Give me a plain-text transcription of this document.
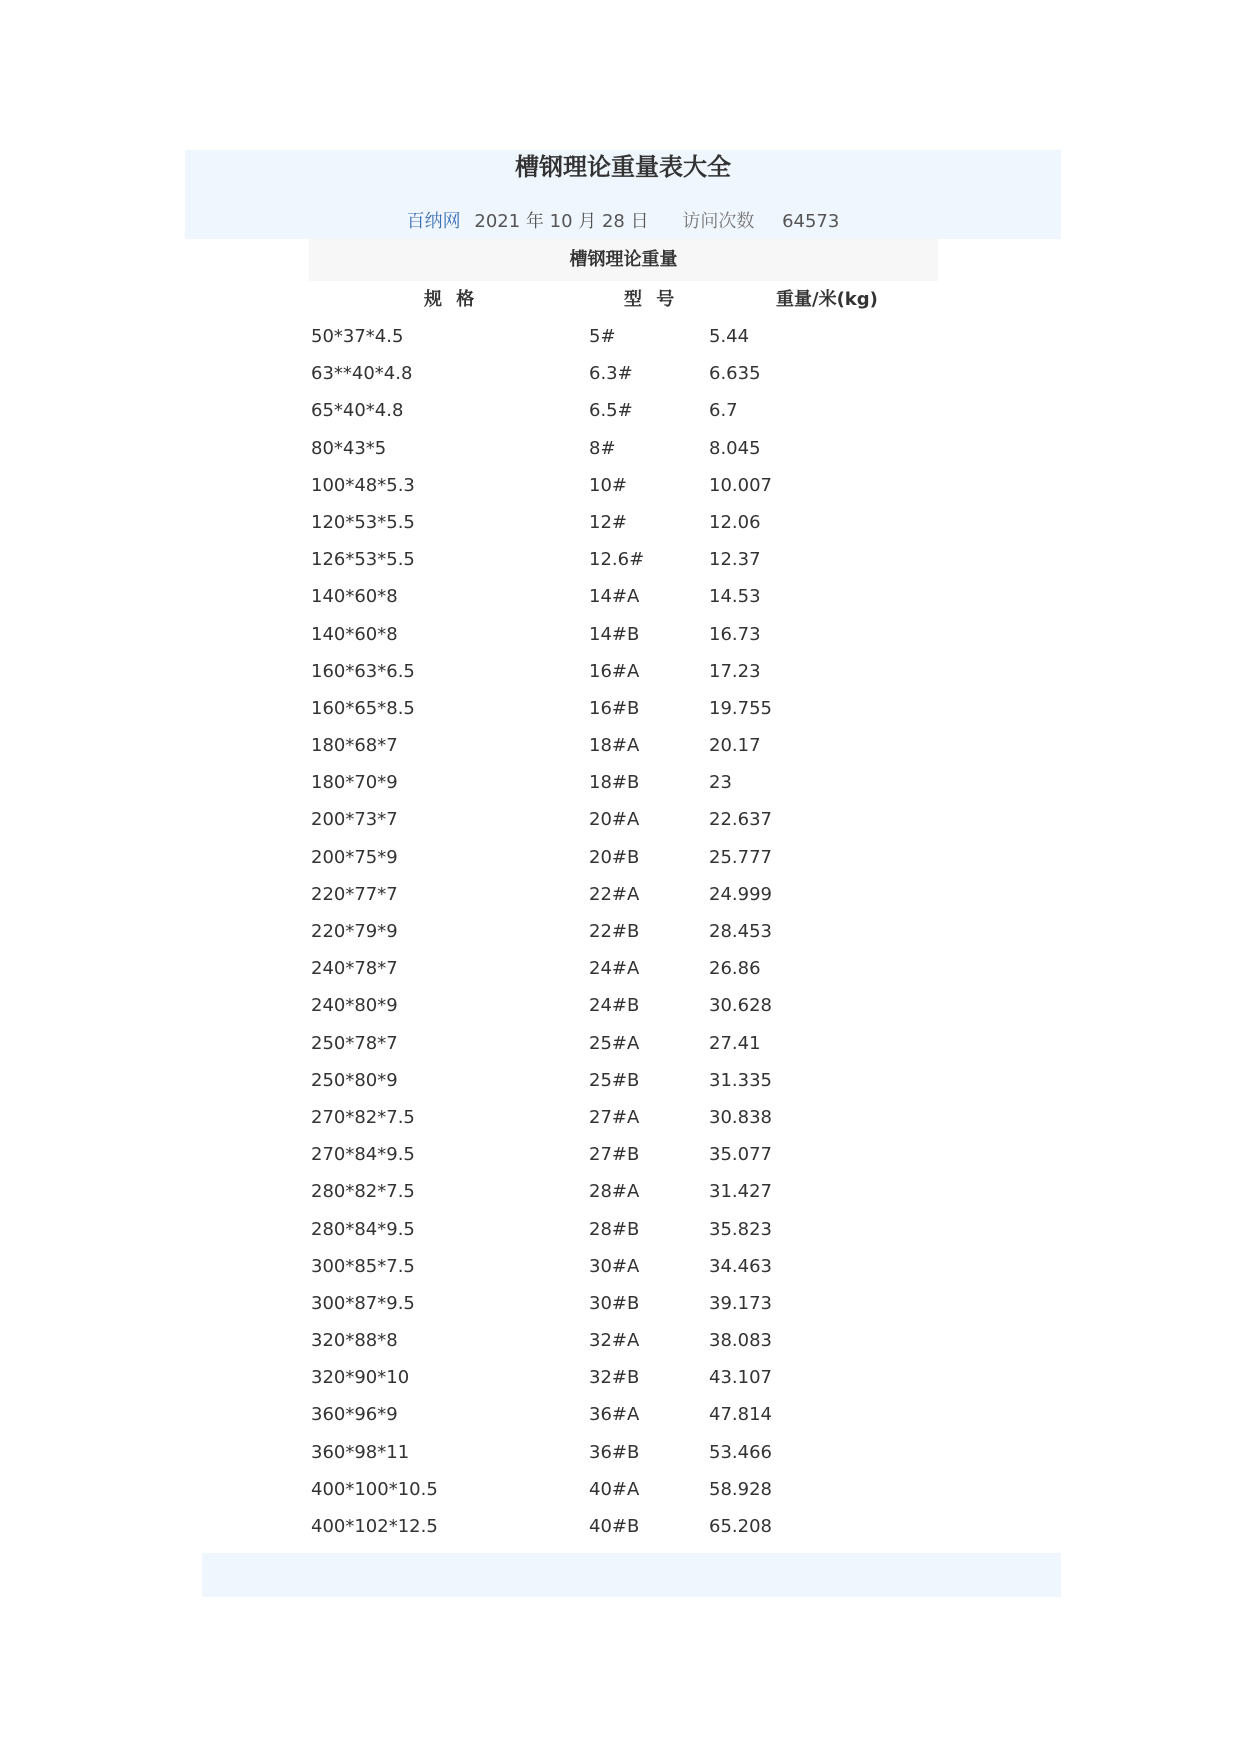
槽钢理论重量表大全
百纳网 2021 年 10 月 28 日 访问次数 64573
槽钢理论重量
规 格	型 号	重量/米(kg)
50*37*4.5	5#	5.44
63**40*4.8	6.3#	6.635
65*40*4.8	6.5#	6.7
80*43*5	8#	8.045
100*48*5.3	10#	10.007
120*53*5.5	12#	12.06
126*53*5.5	12.6#	12.37
140*60*8	14#A	14.53
140*60*8	14#B	16.73
160*63*6.5	16#A	17.23
160*65*8.5	16#B	19.755
180*68*7	18#A	20.17
180*70*9	18#B	23
200*73*7	20#A	22.637
200*75*9	20#B	25.777
220*77*7	22#A	24.999
220*79*9	22#B	28.453
240*78*7	24#A	26.86
240*80*9	24#B	30.628
250*78*7	25#A	27.41
250*80*9	25#B	31.335
270*82*7.5	27#A	30.838
270*84*9.5	27#B	35.077
280*82*7.5	28#A	31.427
280*84*9.5	28#B	35.823
300*85*7.5	30#A	34.463
300*87*9.5	30#B	39.173
320*88*8	32#A	38.083
320*90*10	32#B	43.107
360*96*9	36#A	47.814
360*98*11	36#B	53.466
400*100*10.5	40#A	58.928
400*102*12.5	40#B	65.208
